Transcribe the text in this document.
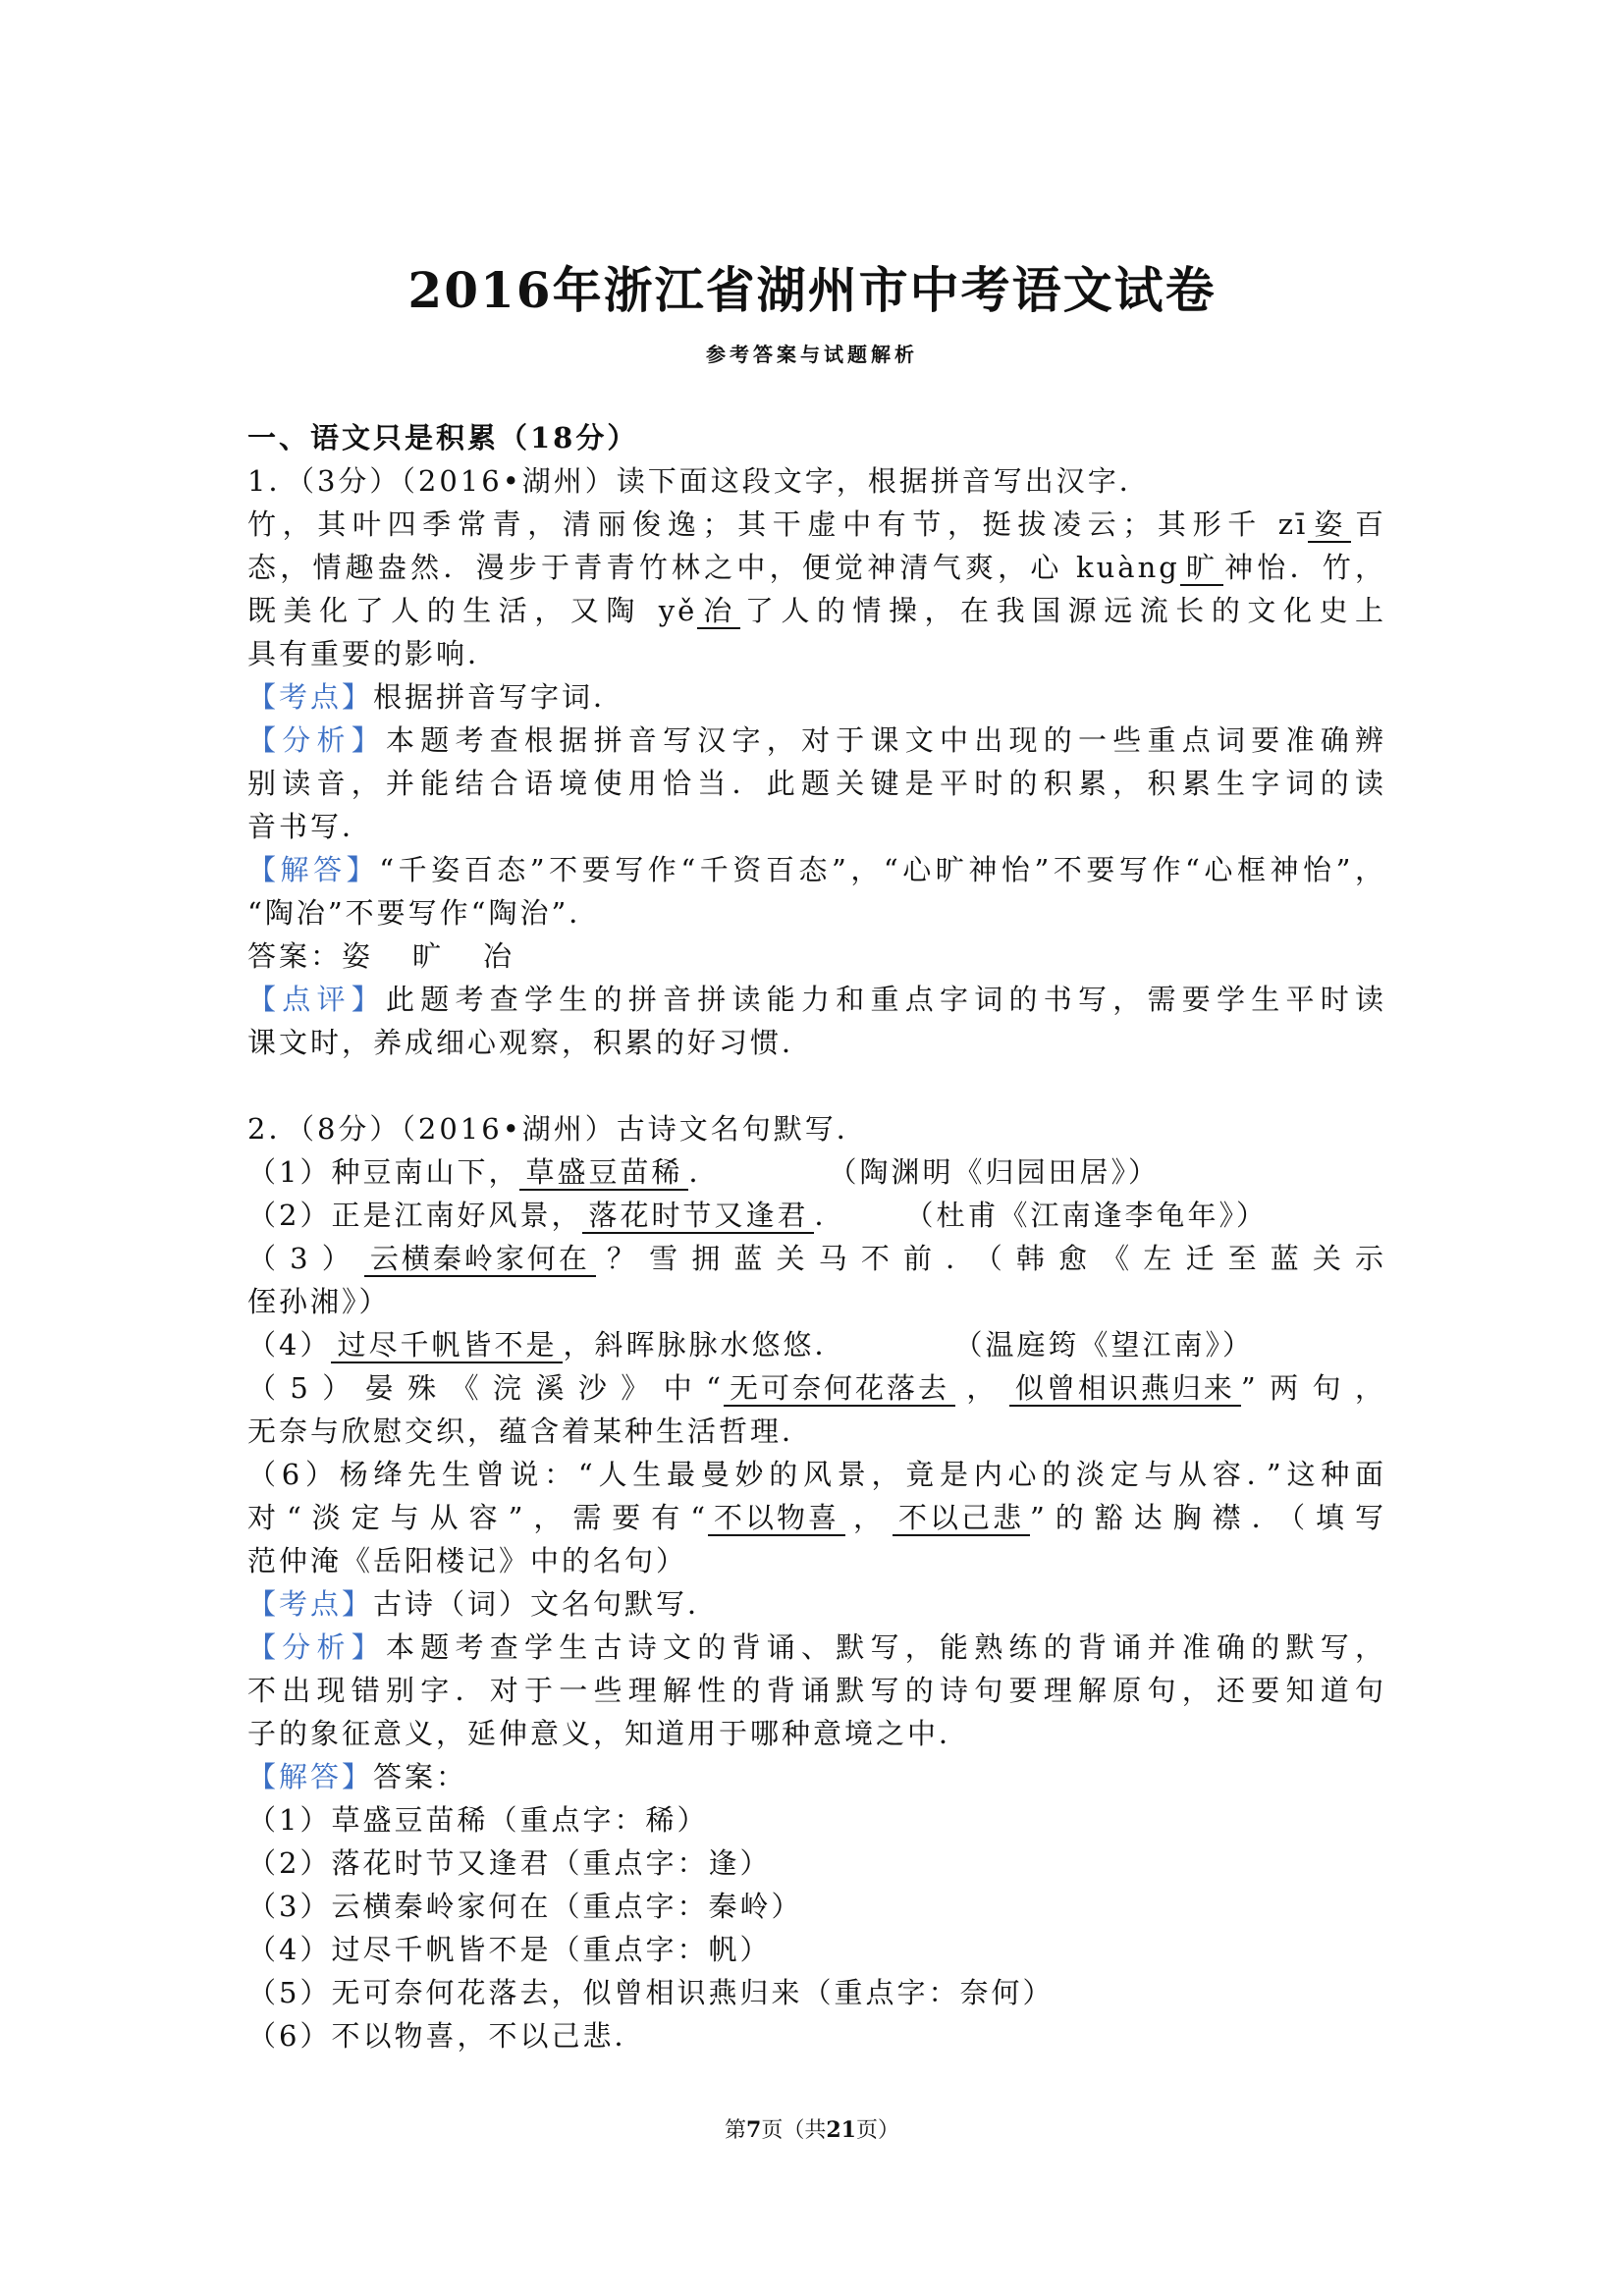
2016年浙江省湖州市中考语文试卷
参考答案与试题解析
一、语文只是积累（18分）
1．（3分）（2016•湖州）读下面这段文字，根据拼音写出汉字．
竹，其叶四季常青，清丽俊逸；其干虚中有节，挺拔凌云；其形千 zī 姿 百
态，情趣盎然．漫步于青青竹林之中，便觉神清气爽，心 kuàng 旷 神怡．竹，
既美化了人的生活，又陶 yě 冶 了人的情操，在我国源远流长的文化史上
具有重要的影响．
【考点】根据拼音写字词．
【分析】本题考查根据拼音写汉字，对于课文中出现的一些重点词要准确辨
别读音，并能结合语境使用恰当．此题关键是平时的积累，积累生字词的读
音书写．
【解答】“千姿百态”不要写作“千资百态”，“心旷神怡”不要写作“心框神怡”，
“陶冶”不要写作“陶治”．
答案：姿 旷 冶
【点评】此题考查学生的拼音拼读能力和重点字词的书写，需要学生平时读
课文时，养成细心观察，积累的好习惯．
2．（8分）（2016•湖州）古诗文名句默写．
（1）种豆南山下， 草盛豆苗稀 ．	（陶渊明《归园田居》）
（2）正是江南好风景， 落花时节又逢君 ． （杜甫《江南逢李龟年》）
（3） 云横秦岭家何在 ？雪拥蓝关马不前．（韩愈《左迁至蓝关示
侄孙湘》）
（4） 过尽千帆皆不是 ，斜晖脉脉水悠悠．	（温庭筠《望江南》）
（5）晏殊《浣溪沙》中“ 无可奈何花落去 ， 似曾相识燕归来 ”两句，
无奈与欣慰交织，蕴含着某种生活哲理．
（6）杨绛先生曾说：“人生最曼妙的风景，竟是内心的淡定与从容．”这种面
对“淡定与从容”，需要有“ 不以物喜 ， 不以己悲 ”的豁达胸襟．（填写
范仲淹《岳阳楼记》中的名句）
【考点】古诗（词）文名句默写．
【分析】本题考查学生古诗文的背诵、默写，能熟练的背诵并准确的默写，
不出现错别字．对于一些理解性的背诵默写的诗句要理解原句，还要知道句
子的象征意义，延伸意义，知道用于哪种意境之中．
【解答】答案：
（1）草盛豆苗稀（重点字：稀）
（2）落花时节又逢君（重点字：逢）
（3）云横秦岭家何在（重点字：秦岭）
（4）过尽千帆皆不是（重点字：帆）
（5）无可奈何花落去，似曾相识燕归来（重点字：奈何）
（6）不以物喜，不以己悲．
第7页（共21页）
